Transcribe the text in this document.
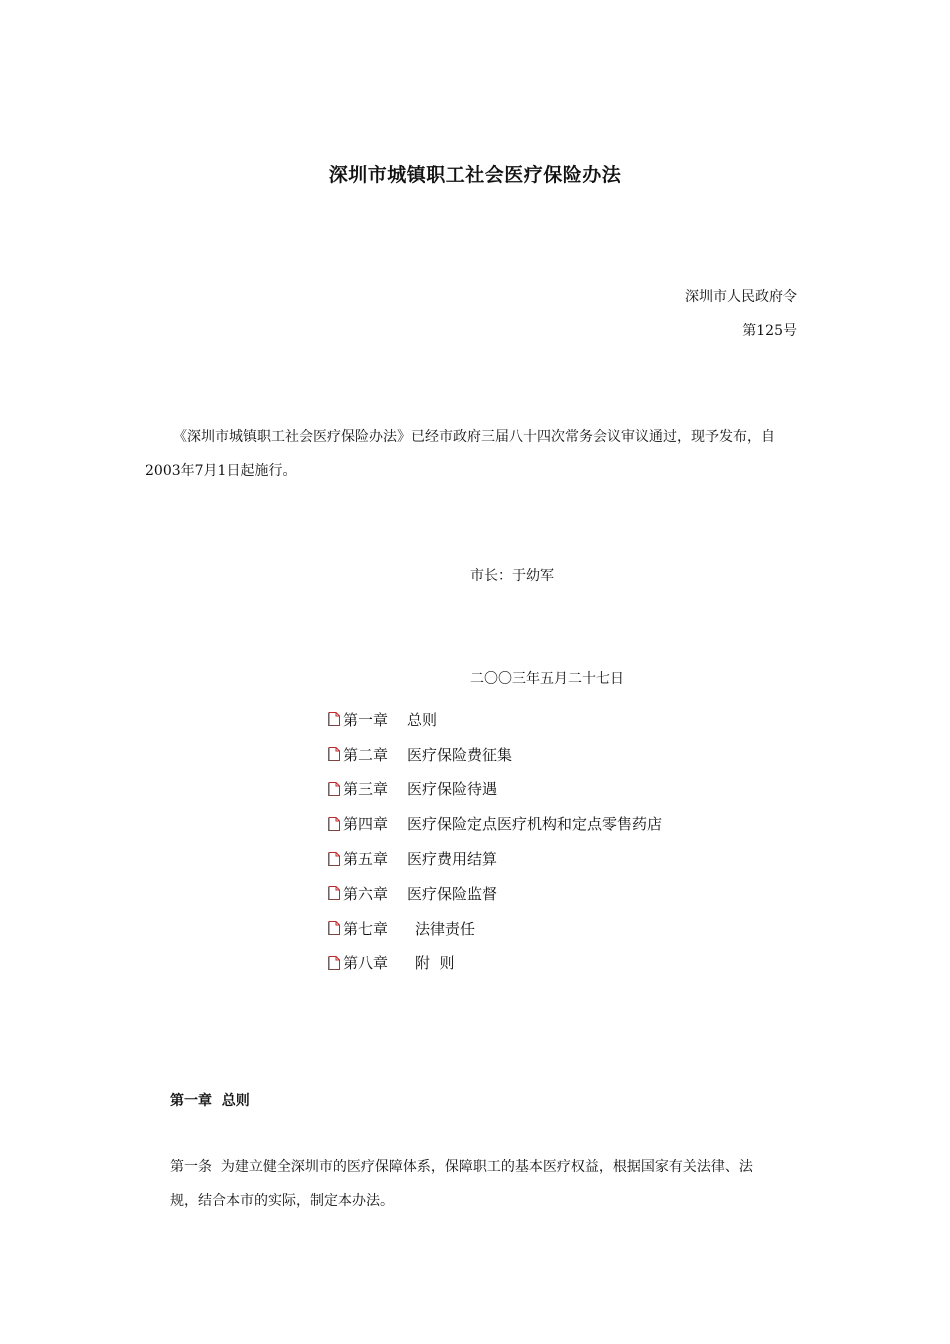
深圳市城镇职工社会医疗保险办法
深圳市人民政府令
第125号
《深圳市城镇职工社会医疗保险办法》已经市政府三届八十四次常务会议审议通过，现予发布，自
2003年7月1日起施行。
市长：于幼军
二〇〇三年五月二十七日
第一章	总则
第二章	医疗保险费征集
第三章	医疗保险待遇
第四章	医疗保险定点医疗机构和定点零售药店
第五章	医疗费用结算
第六章	医疗保险监督
第七章	法律责任
第八章	附  则
第一章  总则
第一条  为建立健全深圳市的医疗保障体系，保障职工的基本医疗权益，根据国家有关法律、法
规，结合本市的实际，制定本办法。
